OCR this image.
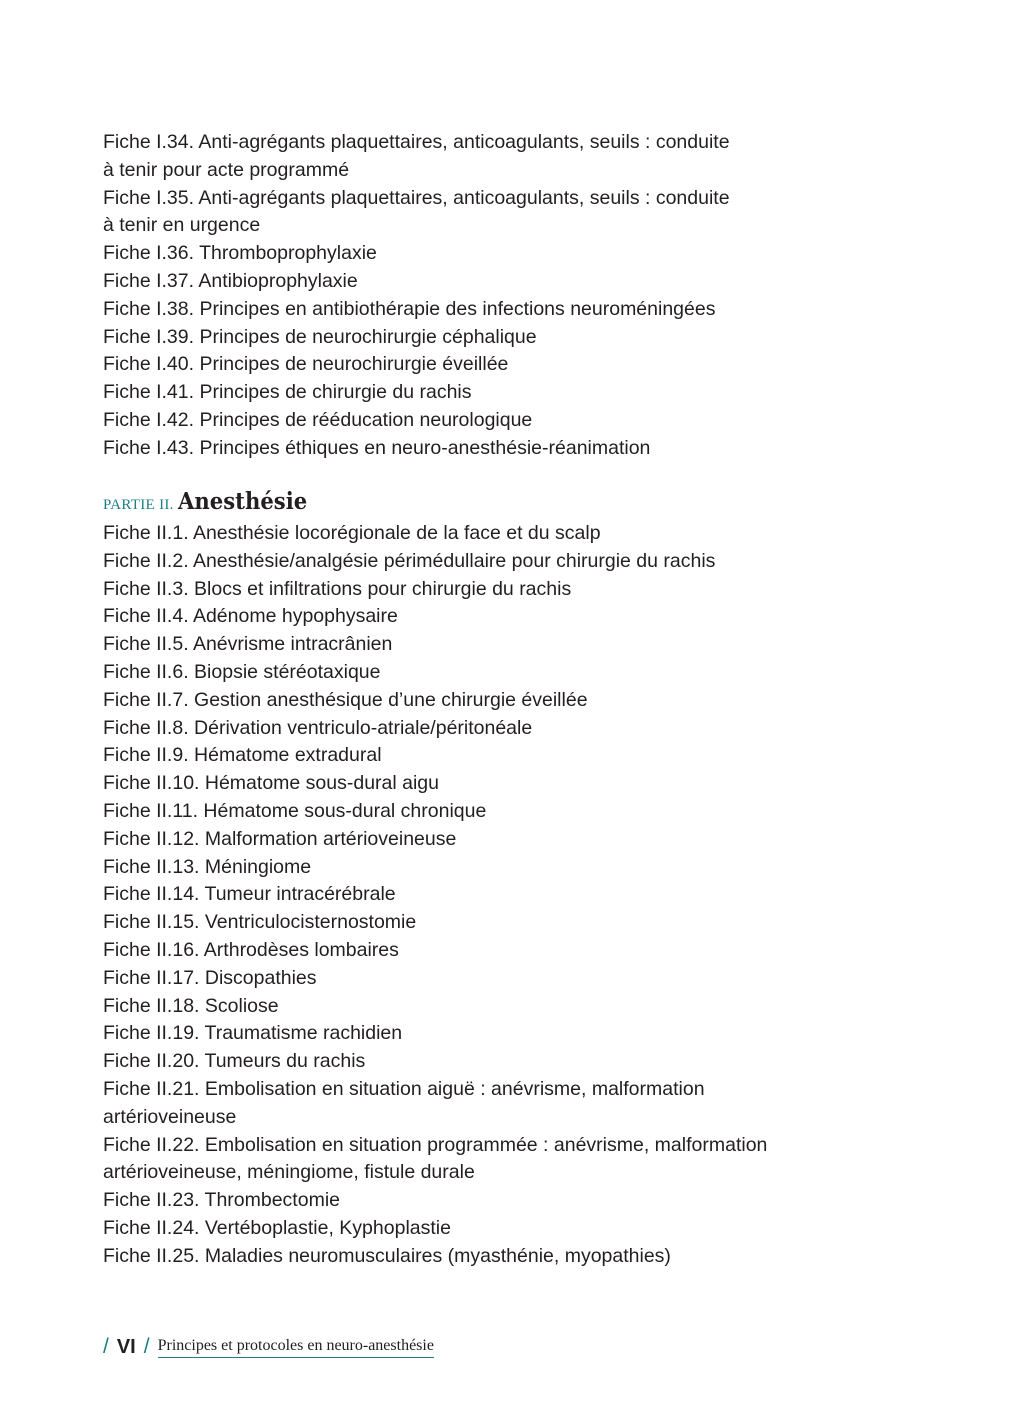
Fiche I.34. Anti-agrégants plaquettaires, anticoagulants, seuils : conduite
à tenir pour acte programmé
Fiche I.35. Anti-agrégants plaquettaires, anticoagulants, seuils : conduite
à tenir en urgence
Fiche I.36. Thromboprophylaxie
Fiche I.37. Antibioprophylaxie
Fiche I.38. Principes en antibiothérapie des infections neuroméningées
Fiche I.39. Principes de neurochirurgie céphalique
Fiche I.40. Principes de neurochirurgie éveillée
Fiche I.41. Principes de chirurgie du rachis
Fiche I.42. Principes de rééducation neurologique
Fiche I.43. Principes éthiques en neuro-anesthésie-réanimation
PARTIE II. Anesthésie
Fiche II.1. Anesthésie locorégionale de la face et du scalp
Fiche II.2. Anesthésie/analgésie périmédullaire pour chirurgie du rachis
Fiche II.3. Blocs et infiltrations pour chirurgie du rachis
Fiche II.4. Adénome hypophysaire
Fiche II.5. Anévrisme intracrânien
Fiche II.6. Biopsie stéréotaxique
Fiche II.7. Gestion anesthésique d’une chirurgie éveillée
Fiche II.8. Dérivation ventriculo-atriale/péritonéale
Fiche II.9. Hématome extradural
Fiche II.10. Hématome sous-dural aigu
Fiche II.11. Hématome sous-dural chronique
Fiche II.12. Malformation artérioveineuse
Fiche II.13. Méningiome
Fiche II.14. Tumeur intracérébrale
Fiche II.15. Ventriculocisternostomie
Fiche II.16. Arthrodèses lombaires
Fiche II.17. Discopathies
Fiche II.18. Scoliose
Fiche II.19. Traumatisme rachidien
Fiche II.20. Tumeurs du rachis
Fiche II.21. Embolisation en situation aiguë : anévrisme, malformation
artérioveineuse
Fiche II.22. Embolisation en situation programmée : anévrisme, malformation
artérioveineuse, méningiome, fistule durale
Fiche II.23. Thrombectomie
Fiche II.24. Vertéboplastie, Kyphoplastie
Fiche II.25. Maladies neuromusculaires (myasthénie, myopathies)
/ VI / Principes et protocoles en neuro-anesthésie
